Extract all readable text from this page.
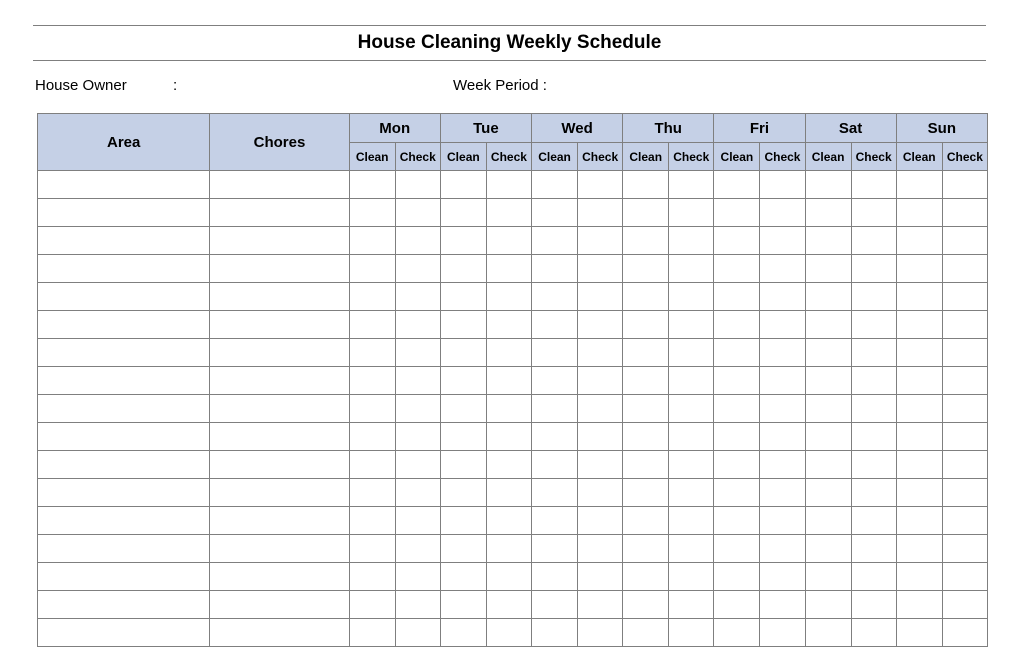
House Cleaning Weekly Schedule
House Owner	:	Week Period :
Area	Chores	Mon		Tue		Wed		Thu		Fri		Sat		Sun	
		Clean	Check	Clean	Check	Clean	Check	Clean	Check	Clean	Check	Clean	Check	Clean	Check
